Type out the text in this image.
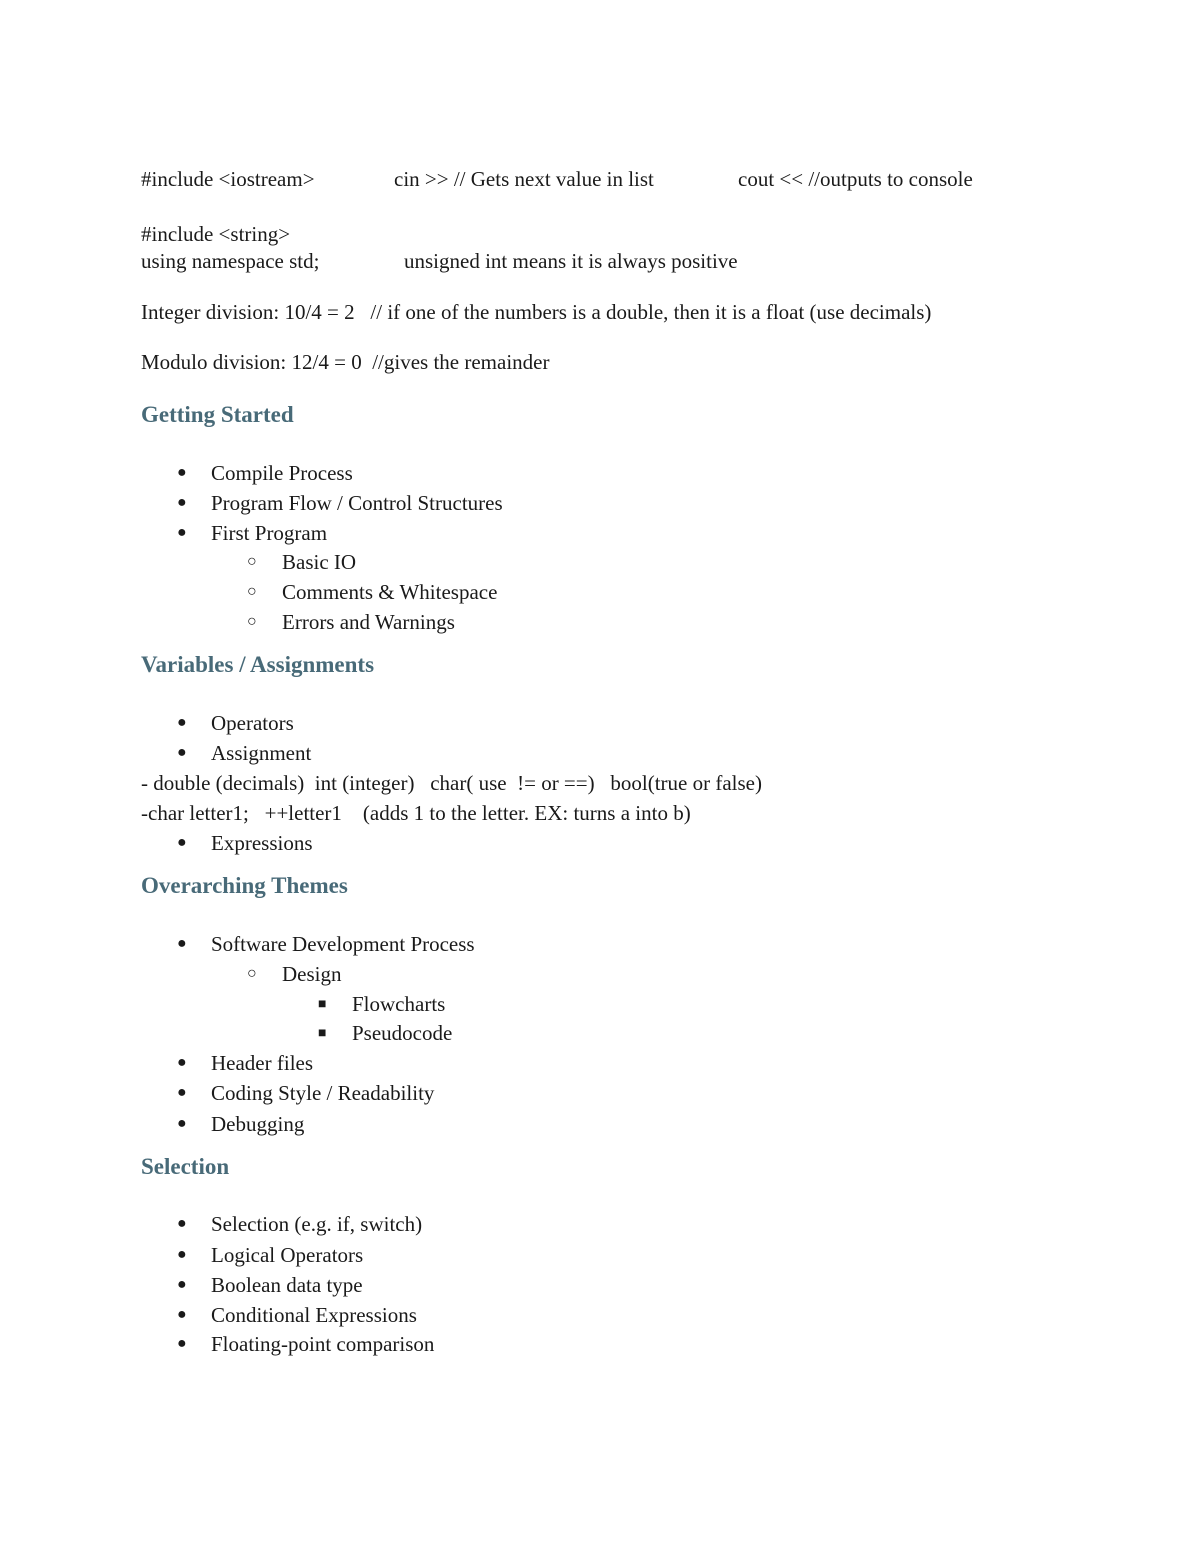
#include <iostream>

	cin >> // Gets next value in list

	cout << //outputs to console

#include <string>

using namespace std;

	unsigned int means it is always positive

Integer division: 10/4 = 2   // if one of the numbers is a double, then it is a float (use decimals)
Modulo division: 12/4 = 0  //gives the remainder
Getting Started
●
Compile Process
●
Program Flow / Control Structures
●
First Program
○
Basic IO
○
Comments & Whitespace
○
Errors and Warnings
Variables / Assignments
●
Operators
●
Assignment
- double (decimals)  int (integer)   char( use  != or ==)   bool(true or false)
-char letter1;   ++letter1    (adds 1 to the letter. EX: turns a into b)
●
Expressions
Overarching Themes
●
Software Development Process
○
Design
■
Flowcharts
■
Pseudocode
●
Header files
●
Coding Style / Readability
●
Debugging
Selection
●
Selection (e.g. if, switch)
●
Logical Operators
●
Boolean data type
●
Conditional Expressions
●
Floating-point comparison
